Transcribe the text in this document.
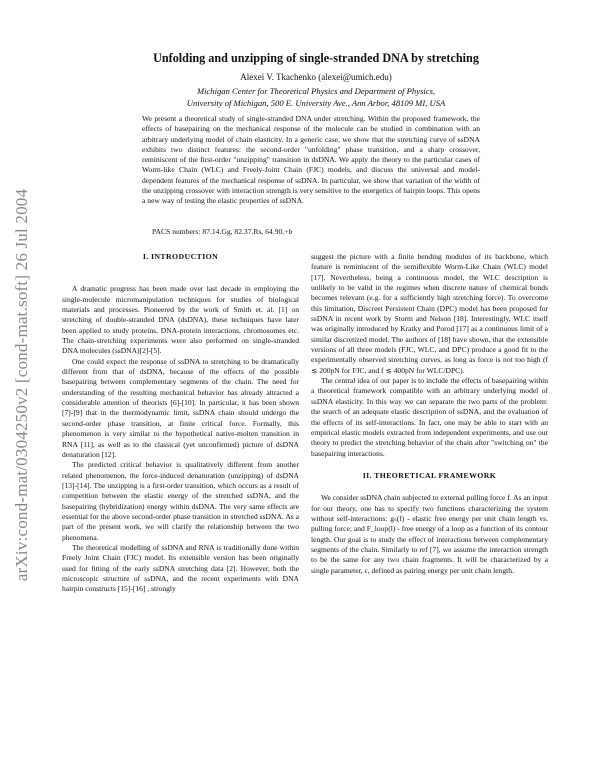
arXiv:cond-mat/0304250v2 [cond-mat.soft] 26 Jul 2004
Unfolding and unzipping of single-stranded DNA by stretching
Alexei V. Tkachenko (alexei@umich.edu)
Michigan Center for Theoretical Physics and Department of Physics,
University of Michigan, 500 E. University Ave., Ann Arbor, 48109 MI, USA
We present a theoretical study of single-stranded DNA under stretching. Within the proposed framework, the effects of basepairing on the mechanical response of the molecule can be studied in combination with an arbitrary underlying model of chain elasticity. In a generic case, we show that the stretching curve of ssDNA exhibits two distinct features: the second-order "unfolding" phase transition, and a sharp crossover, reminiscent of the first-order "unzipping" transition in dsDNA. We apply the theory to the particular cases of Worm-like Chain (WLC) and Freely-Joint Chain (FJC) models, and discuss the universal and model-dependent features of the mechanical response of ssDNA. In particular, we show that variation of the width of the unzipping crossover with interaction strength is very sensitive to the energetics of hairpin loops. This opens a new way of testing the elastic properties of ssDNA.
PACS numbers: 87.14.Gg, 82.37.Rs, 64.90.+b

I. INTRODUCTION

A dramatic progress has been made over last decade in employing the single-molecule micromanipulation techniques for studies of biological materials and processes. Pioneered by the work of Smith et. al. [1] on stretching of double-stranded DNA (dsDNA), these techniques have later been applied to study proteins, DNA-protein interactions, chromosomes etc. The chain-stretching experiments were also performed on single-stranded DNA molecules (ssDNA)[2]-[5].

One could expect the response of ssDNA to stretching to be dramatically different from that of dsDNA, because of the effects of the possible basepairing between complementary segments of the chain. The need for understanding of the resulting mechanical behavior has already attracted a considerable attention of theorists [6]-[10]. In particular, it has been shown [7]-[9] that in the thermodynamic limit, ssDNA chain should undergo the second-order phase transition, at finite critical force. Formally, this phenomenon is very similar to the hypothetical native-molten transition in RNA [11], as well as to the classical (yet unconfirmed) picture of dsDNA denaturation [12].

The predicted critical behavior is qualitatively different from another related phenomenon, the force-induced denaturation (unzipping) of dsDNA [13]-[14]. The unzipping is a first-order transition, which occurs as a result of competition between the elastic energy of the stretched ssDNA, and the basepairing (hybridization) energy within dsDNA. The very same effects are essential for the above second-order phase transition in stretched ssDNA. As a part of the present work, we will clarify the relationship between the two phenomena.

The theoretical modelling of ssDNA and RNA is traditionally done within Freely Joint Chain (FJC) model. Its extensible version has been originally used for fitting of the early ssDNA stretching data [2]. However, both the microscopic structure of ssDNA, and the recent experiments with DNA hairpin constructs [15]-[16] , strongly

suggest the picture with a finite bending modulus of its backbone, which feature is reminiscent of the semiflexible Worm-Like Chain (WLC) model [17]. Nevertheless, being a continuous model, the WLC description is unlikely to be valid in the regimes when discrete nature of chemical bonds becomes relevant (e.g. for a sufficiently high stretching force). To overcome this limitation, Discreet Persistent Chain (DPC) model has been proposed for ssDNA in recent work by Storm and Nelson [18]. Interestingly, WLC itself was originally introduced by Kratky and Porod [17] as a continuous limit of a similar discretized model. The authors of [18] have shown, that the extensible versions of all three models (FJC, WLC, and DPC) produce a good fit to the experimentally observed stretching curves, as long as force is not too high (f ≲ 200pN for FJC, and f ≲ 400pN for WLC/DPC).

The central idea of our paper is to include the effects of basepairing within a theoretical framework compatible with an arbitrary underlying model of ssDNA elasticity. In this way we can separate the two parts of the problem: the search of an adequate elastic description of ssDNA, and the evaluation of the effects of its self-interactions. In fact, one may be able to start with an empirical elastic models extracted from independent experiments, and use our theory to predict the stretching behavior of the chain after "switching on" the basepairing interactions.

II. THEORETICAL FRAMEWORK

We consider ssDNA chain subjected to external pulling force f. As an input for our theory, one has to specify two functions characterizing the system without self-interactions: gₛ(f) - elastic free energy per unit chain length vs. pulling force; and F_loop(l) - free energy of a loop as a function of its contour length. Our goal is to study the effect of interactions between complementary segments of the chain. Similarly to ref [7], we assume the interaction strength to be the same for any two chain fragments. It will be characterized by a single parameter, ε, defined as pairing energy per unit chain length.
